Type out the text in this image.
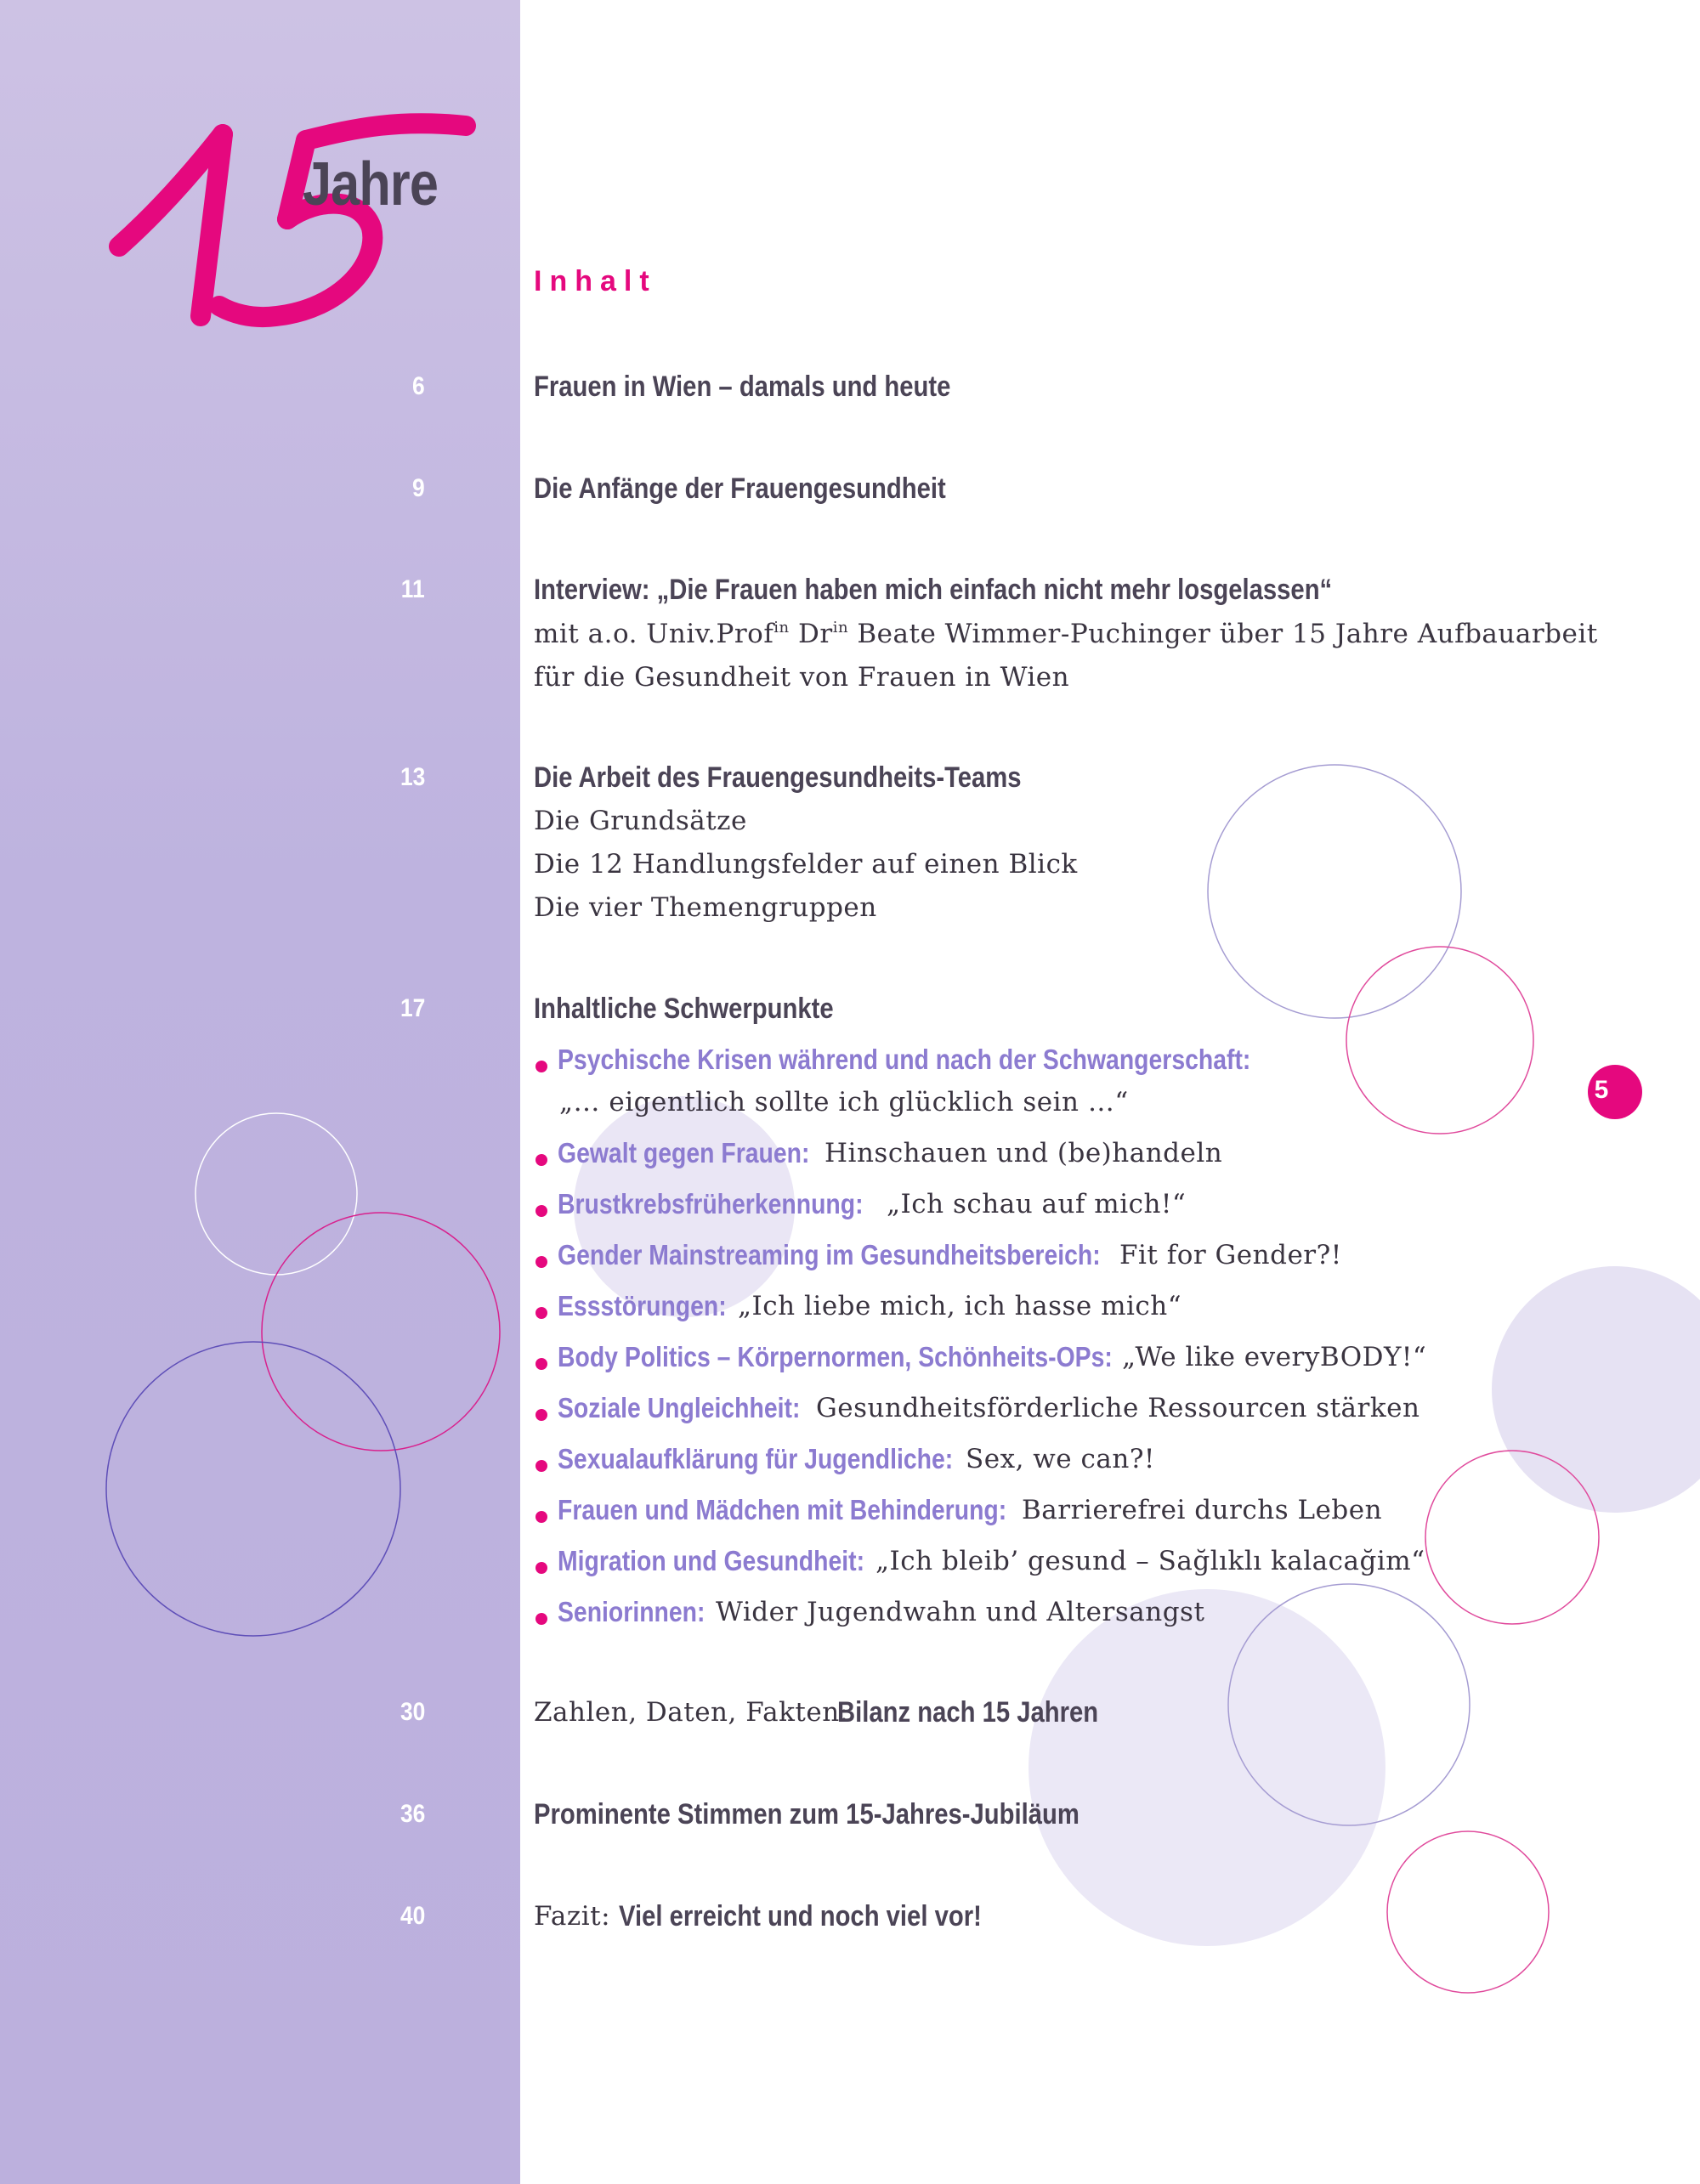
Jahre
Inhalt
6	Frauen in Wien – damals und heute
9	Die Anfänge der Frauengesundheit
11	Interview: „Die Frauen haben mich einfach nicht mehr losgelassen“
mit a.o. Univ.Prof$^{in}$ $Dr^{in}$ Beate Wimmer-Puchinger über 15 Jahre Aufbauarbeit
für die Gesundheit von Frauen in Wien
13	Die Arbeit des Frauengesundheits-Teams
Die Grundsätze
Die 12 Handlungsfelder auf einen Blick
Die vier Themengruppen
17	Inhaltliche Schwerpunkte
Psychische Krisen während und nach der Schwangerschaft:
„… eigentlich sollte ich glücklich sein …“
Gewalt gegen Frauen: Hinschauen und (be)handeln
Brustkrebsfrüherkennung: „Ich schau auf mich!“
Gender Mainstreaming im Gesundheitsbereich: Fit for Gender?!
Essstörungen: „Ich liebe mich, ich hasse mich“
Body Politics – Körpernormen, Schönheits-OPs: „We like everyBODY!“
Soziale Ungleichheit: Gesundheitsförderliche Ressourcen stärken
Sexualaufklärung für Jugendliche: Sex, we can?!
Frauen und Mädchen mit Behinderung: Barrierefrei durchs Leben
Migration und Gesundheit: „Ich bleib’ gesund – Sağlıklı kalacağim“
Seniorinnen: Wider Jugendwahn und Altersangst
30	Zahlen, Daten, Fakten:
Bilanz nach 15 Jahren
36	Prominente Stimmen zum 15-Jahres-Jubiläum
40	Fazit: Viel erreicht und noch viel vor!
5
